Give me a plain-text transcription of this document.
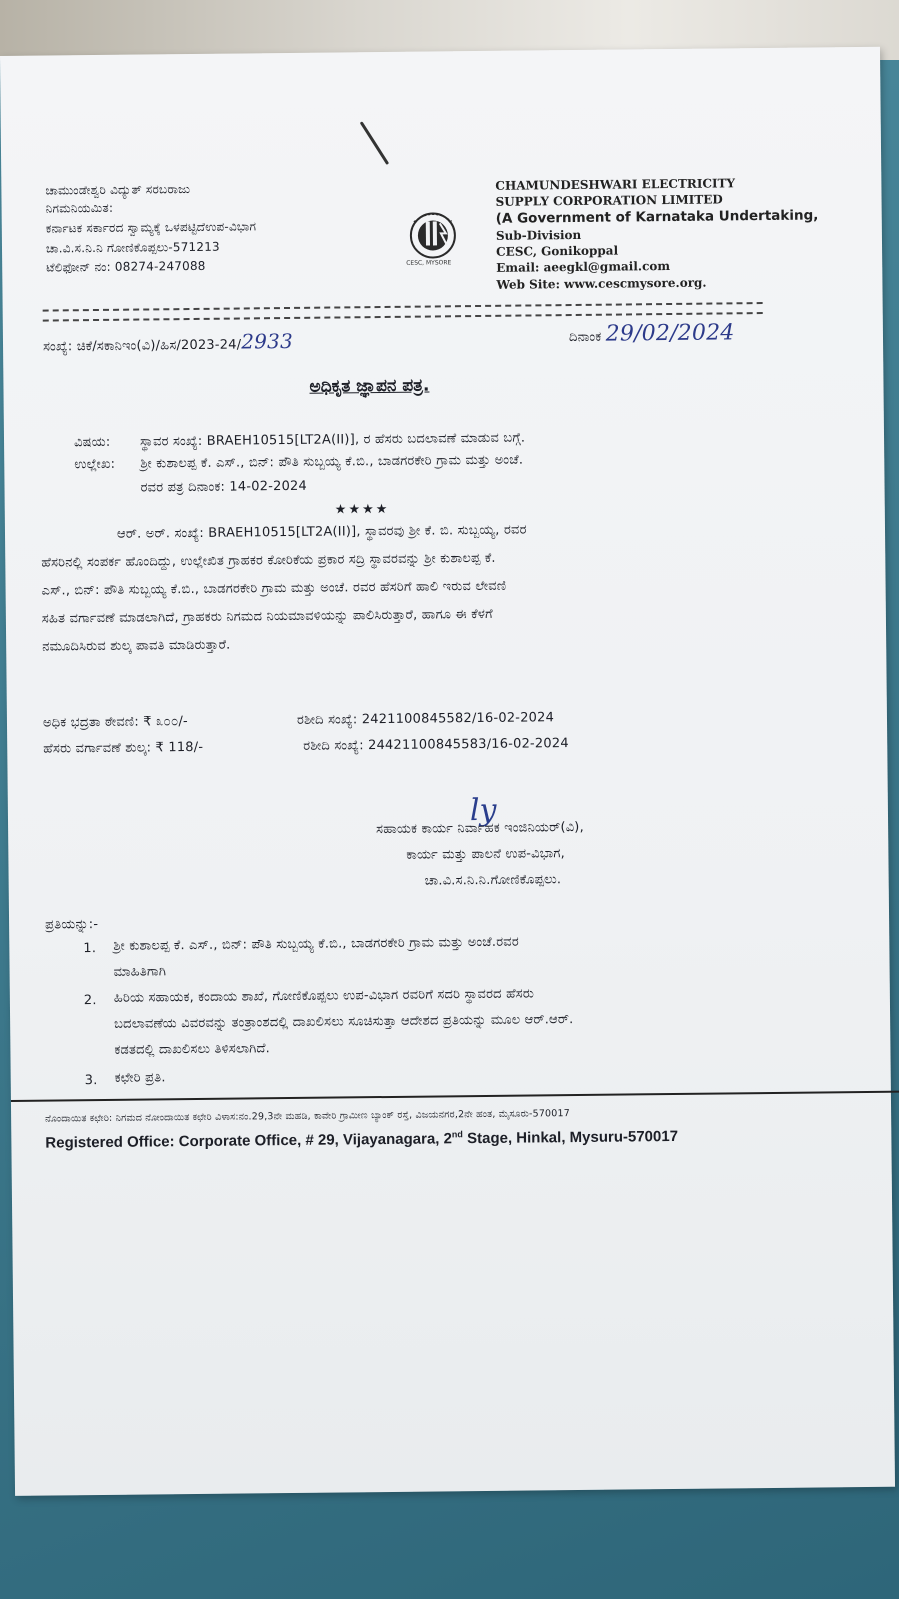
ಚಾಮುಂಡೇಶ್ವರಿ ವಿದ್ಯುತ್ ಸರಬರಾಜು
ನಿಗಮನಿಯಮಿತ:
ಕರ್ನಾಟಕ ಸರ್ಕಾರದ ಸ್ವಾಮ್ಯಕ್ಕೆ ಒಳಪಟ್ಟಿದೆಉಪ-ವಿಭಾಗ
ಚಾ.ವಿ.ಸ.ನಿ.ನಿ ಗೋಣಿಕೊಪ್ಪಲು-571213
ಟೆಲಿಫೋನ್ ನಂ: 08274-247088	CESC, MYSORE
CHAMUNDESHWARI ELECTRICITY
SUPPLY CORPORATION LIMITED
(A Government of Karnataka Undertaking,
Sub-Division
CESC, Gonikoppal
Email: aeegkl@gmail.com
Web Site: www.cescmysore.org.
ಸಂಖ್ಯೆ: ಚಿಕೆ/ಸಕಾನಿಇಂ(ವಿ)/ಹಿಸ/2023-24/2933	ದಿನಾಂಕ 29/02/2024
ಅಧಿಕೃತ ಜ್ಞಾಪನ ಪತ್ರ.
ವಿಷಯ: ಸ್ಥಾವರ ಸಂಖ್ಯೆ: BRAEH10515[LT2A(II)], ರ ಹೆಸರು ಬದಲಾವಣೆ ಮಾಡುವ ಬಗ್ಗೆ.
ಉಲ್ಲೇಖ: ಶ್ರೀ ಕುಶಾಲಪ್ಪ ಕೆ. ಎಸ್., ಬಿನ್: ಪೌತಿ ಸುಬ್ಬಯ್ಯ ಕೆ.ಬಿ., ಬಾಡಗರಕೇರಿ ಗ್ರಾಮ ಮತ್ತು ಅಂಚೆ.
ರವರ ಪತ್ರ ದಿನಾಂಕ: 14-02-2024
★★★★
ಆರ್. ಅರ್. ಸಂಖ್ಯೆ: BRAEH10515[LT2A(II)], ಸ್ಥಾವರವು ಶ್ರೀ ಕೆ. ಬಿ. ಸುಬ್ಬಯ್ಯ, ರವರ
ಹೆಸರಿನಲ್ಲಿ ಸಂಪರ್ಕ ಹೊಂದಿದ್ದು, ಉಲ್ಲೇಖಿತ ಗ್ರಾಹಕರ ಕೋರಿಕೆಯ ಪ್ರಕಾರ ಸದ್ರಿ ಸ್ಥಾವರವನ್ನು ಶ್ರೀ ಕುಶಾಲಪ್ಪ ಕೆ.
ಎಸ್., ಬಿನ್: ಪೌತಿ ಸುಬ್ಬಯ್ಯ ಕೆ.ಬಿ., ಬಾಡಗರಕೇರಿ ಗ್ರಾಮ ಮತ್ತು ಅಂಚೆ. ರವರ ಹೆಸರಿಗೆ ಹಾಲಿ ಇರುವ ಲೇವಣಿ
ಸಹಿತ ವರ್ಗಾವಣೆ ಮಾಡಲಾಗಿದೆ, ಗ್ರಾಹಕರು ನಿಗಮದ ನಿಯಮಾವಳಿಯನ್ನು ಪಾಲಿಸಿರುತ್ತಾರೆ, ಹಾಗೂ ಈ ಕೆಳಗೆ
ನಮೂದಿಸಿರುವ ಶುಲ್ಕ ಪಾವತಿ ಮಾಡಿರುತ್ತಾರೆ.
ಅಧಿಕ ಭದ್ರತಾ ಠೇವಣಿ: ₹ ೩೦೦/-	ರಶೀದಿ ಸಂಖ್ಯೆ: 2421100845582/16-02-2024
ಹೆಸರು ವರ್ಗಾವಣೆ ಶುಲ್ಕ: ₹ 118/-	ರಶೀದಿ ಸಂಖ್ಯೆ: 24421100845583/16-02-2024
ly
ಸಹಾಯಕ ಕಾರ್ಯ ನಿರ್ವಾಹಕ ಇಂಜಿನಿಯರ್(ವಿ),
ಕಾರ್ಯ ಮತ್ತು ಪಾಲನೆ ಉಪ-ವಿಭಾಗ,
ಚಾ.ವಿ.ಸ.ನಿ.ನಿ.ಗೋಣಿಕೊಪ್ಪಲು.
ಪ್ರತಿಯನ್ನು:-
1. ಶ್ರೀ ಕುಶಾಲಪ್ಪ ಕೆ. ಎಸ್., ಬಿನ್: ಪೌತಿ ಸುಬ್ಬಯ್ಯ ಕೆ.ಬಿ., ಬಾಡಗರಕೇರಿ ಗ್ರಾಮ ಮತ್ತು ಅಂಚೆ.ರವರ
ಮಾಹಿತಿಗಾಗಿ
2. ಹಿರಿಯ ಸಹಾಯಕ, ಕಂದಾಯ ಶಾಖೆ, ಗೋಣಿಕೊಪ್ಪಲು ಉಪ-ವಿಭಾಗ ರವರಿಗೆ ಸದರಿ ಸ್ಥಾವರದ ಹೆಸರು
ಬದಲಾವಣೆಯ ವಿವರವನ್ನು ತಂತ್ರಾಂಶದಲ್ಲಿ ದಾಖಲಿಸಲು ಸೂಚಿಸುತ್ತಾ ಆದೇಶದ ಪ್ರತಿಯನ್ನು ಮೂಲ ಆರ್.ಆರ್.
ಕಡತದಲ್ಲಿ ದಾಖಲಿಸಲು ತಿಳಿಸಲಾಗಿದೆ.
3. ಕಛೇರಿ ಪ್ರತಿ.
ನೊಂದಾಯಿತ ಕಛೇರಿ: ನಿಗಮದ ನೋಂದಾಯಿತ ಕಛೇರಿ ವಿಳಾಸ:ನಂ.29,3ನೇ ಮಹಡಿ, ಕಾವೇರಿ ಗ್ರಾಮೀಣ ಬ್ಯಾಂಕ್ ರಸ್ತೆ, ವಿಜಯನಗರ,2ನೇ ಹಂತ, ಮೈಸೂರು-570017
Registered Office: Corporate Office, # 29, Vijayanagara, 2nd Stage, Hinkal, Mysuru-570017
